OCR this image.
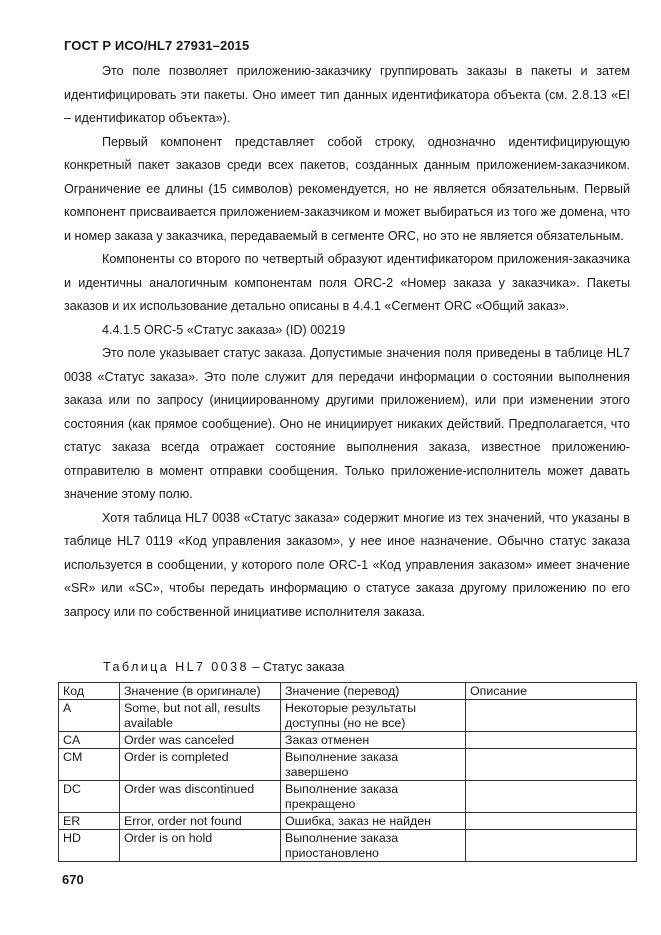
ГОСТ Р ИСО/HL7 27931–2015

Это поле позволяет приложению-заказчику группировать заказы в пакеты и затем идентифицировать эти пакеты. Оно имеет тип данных идентификатора объекта (см. 2.8.13 «EI – идентификатор объекта»).

Первый компонент представляет собой строку, однозначно идентифицирующую конкретный пакет заказов среди всех пакетов, созданных данным приложением-заказчиком. Ограничение ее длины (15 символов) рекомендуется, но не является обязательным. Первый компонент присваивается приложением-заказчиком и может выбираться из того же домена, что и номер заказа у заказчика, передаваемый в сегменте ORC, но это не является обязательным.

Компоненты со второго по четвертый образуют идентификатором приложения-заказчика и идентичны аналогичным компонентам поля ORC-2 «Номер заказа у заказчика». Пакеты заказов и их использование детально описаны в 4.4.1 «Сегмент ORC «Общий заказ».

4.4.1.5 ORC-5 «Статус заказа» (ID) 00219

Это поле указывает статус заказа. Допустимые значения поля приведены в таблице HL7 0038 «Статус заказа». Это поле служит для передачи информации о состоянии выполнения заказа или по запросу (инициированному другими приложением), или при изменении этого состояния (как прямое сообщение). Оно не инициирует никаких действий. Предполагается, что статус заказа всегда отражает состояние выполнения заказа, известное приложению-отправителю в момент отправки сообщения. Только приложение-исполнитель может давать значение этому полю.

Хотя таблица HL7 0038 «Статус заказа» содержит многие из тех значений, что указаны в таблице HL7 0119 «Код управления заказом», у нее иное назначение. Обычно статус заказа используется в сообщении, у которого поле ORC-1 «Код управления заказом» имеет значение «SR» или «SC», чтобы передать информацию о статусе заказа другому приложению по его запросу или по собственной инициативе исполнителя заказа.

Таблица HL7 0038 – Статус заказа
Код	Значение (в оригинале)	Значение (перевод)	Описание
A	Some, but not all, results available	Некоторые результаты доступны (но не все)	
CA	Order was canceled	Заказ отменен	
CM	Order is completed	Выполнение заказа завершено	
DC	Order was discontinued	Выполнение заказа прекращено	
ER	Error, order not found	Ошибка, заказ не найден	
HD	Order is on hold	Выполнение заказа приостановлено	
670
